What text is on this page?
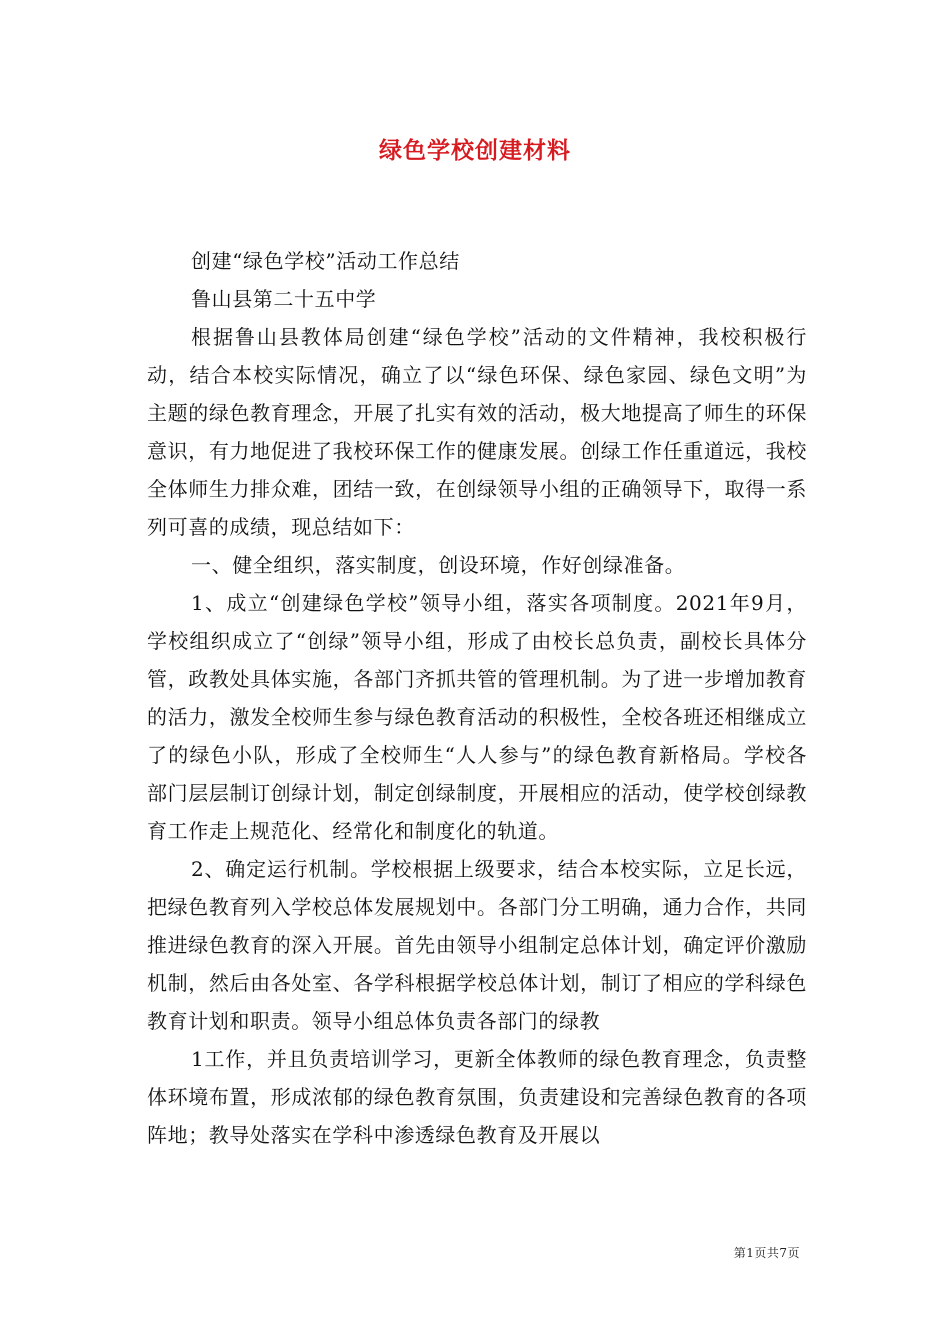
绿色学校创建材料

创建“绿色学校”活动工作总结

鲁山县第二十五中学

根据鲁山县教体局创建“绿色学校”活动的文件精神，我校积极行动，结合本校实际情况，确立了以“绿色环保、绿色家园、绿色文明”为主题的绿色教育理念，开展了扎实有效的活动，极大地提高了师生的环保意识，有力地促进了我校环保工作的健康发展。创绿工作任重道远，我校全体师生力排众难，团结一致，在创绿领导小组的正确领导下，取得一系列可喜的成绩，现总结如下：

一、健全组织，落实制度，创设环境，作好创绿准备。

1、成立“创建绿色学校”领导小组，落实各项制度。2021年9月，学校组织成立了“创绿”领导小组，形成了由校长总负责，副校长具体分管，政教处具体实施，各部门齐抓共管的管理机制。为了进一步增加教育的活力，激发全校师生参与绿色教育活动的积极性，全校各班还相继成立了的绿色小队，形成了全校师生“人人参与”的绿色教育新格局。学校各部门层层制订创绿计划，制定创绿制度，开展相应的活动，使学校创绿教育工作走上规范化、经常化和制度化的轨道。

2、确定运行机制。学校根据上级要求，结合本校实际，立足长远，把绿色教育列入学校总体发展规划中。各部门分工明确，通力合作，共同推进绿色教育的深入开展。首先由领导小组制定总体计划，确定评价激励机制，然后由各处室、各学科根据学校总体计划，制订了相应的学科绿色教育计划和职责。领导小组总体负责各部门的绿教

1工作，并且负责培训学习，更新全体教师的绿色教育理念，负责整体环境布置，形成浓郁的绿色教育氛围，负责建设和完善绿色教育的各项阵地；教导处落实在学科中渗透绿色教育及开展以

第1页共7页
